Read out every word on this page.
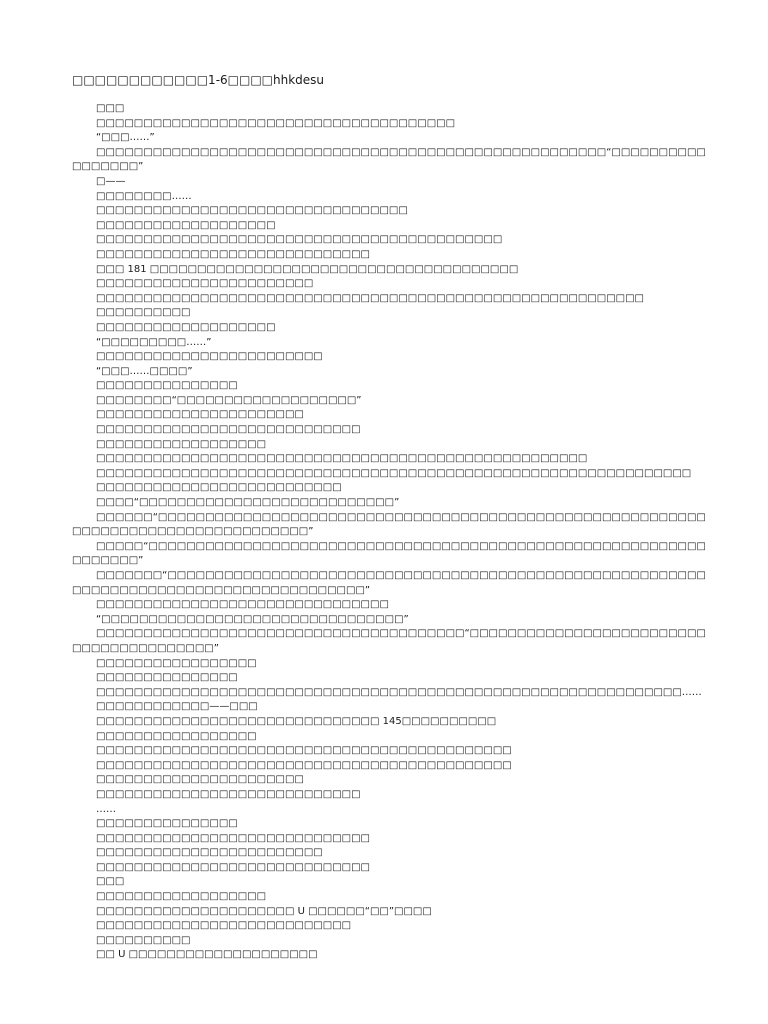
□□□□□□□□□□□□1-6□□□□hhkdesu

□□□

□□□□□□□□□□□□□□□□□□□□□□□□□□□□□□□□□□□□□□

“□□□……”

□□□□□□□□□□□□□□□□□□□□□□□□□□□□□□□□□□□□□□□□□□□□□□□□□□□□□□“□□□□□□□□□□□□□□□□□”

□——

□□□□□□□□……

□□□□□□□□□□□□□□□□□□□□□□□□□□□□□□□□□

□□□□□□□□□□□□□□□□□□□

□□□□□□□□□□□□□□□□□□□□□□□□□□□□□□□□□□□□□□□□□□□

□□□□□□□□□□□□□□□□□□□□□□□□□□□□□

□□□ 181 □□□□□□□□□□□□□□□□□□□□□□□□□□□□□□□□□□□□□□□

□□□□□□□□□□□□□□□□□□□□□□□

□□□□□□□□□□□□□□□□□□□□□□□□□□□□□□□□□□□□□□□□□□□□□□□□□□□□□□□□□□

□□□□□□□□□□

□□□□□□□□□□□□□□□□□□□

“□□□□□□□□□……”

□□□□□□□□□□□□□□□□□□□□□□□□

“□□□……□□□□”

□□□□□□□□□□□□□□□

□□□□□□□□“□□□□□□□□□□□□□□□□□□□”

□□□□□□□□□□□□□□□□□□□□□□

□□□□□□□□□□□□□□□□□□□□□□□□□□□□

□□□□□□□□□□□□□□□□□□

□□□□□□□□□□□□□□□□□□□□□□□□□□□□□□□□□□□□□□□□□□□□□□□□□□□□

□□□□□□□□□□□□□□□□□□□□□□□□□□□□□□□□□□□□□□□□□□□□□□□□□□□□□□□□□□□□□□□

□□□□□□□□□□□□□□□□□□□□□□□□□□

□□□□“□□□□□□□□□□□□□□□□□□□□□□□□□□□”

□□□□□□“□□□□□□□□□□□□□□□□□□□□□□□□□□□□□□□□□□□□□□□□□□□□□□□□□□□□□□□□□□□□□□□□□□□□□□□□□□□□□□□□□□□”

□□□□□“□□□□□□□□□□□□□□□□□□□□□□□□□□□□□□□□□□□□□□□□□□□□□□□□□□□□□□□□□□□□□□□□□□”

□□□□□□□“□□□□□□□□□□□□□□□□□□□□□□□□□□□□□□□□□□□□□□□□□□□□□□□□□□□□□□□□□□□□□□□□□□□□□□□□□□□□□□□□□□□□□□□□”

□□□□□□□□□□□□□□□□□□□□□□□□□□□□□□□

“□□□□□□□□□□□□□□□□□□□□□□□□□□□□□□□□”

□□□□□□□□□□□□□□□□□□□□□□□□□□□□□□□□□□□□□□□“□□□□□□□□□□□□□□□□□□□□□□□□□□□□□□□□□□□□□□□□”

□□□□□□□□□□□□□□□□□

□□□□□□□□□□□□□□□

□□□□□□□□□□□□□□□□□□□□□□□□□□□□□□□□□□□□□□□□□□□□□□□□□□□□□□□□□□□□□□……

□□□□□□□□□□□□——□□□

□□□□□□□□□□□□□□□□□□□□□□□□□□□□□□ 145□□□□□□□□□□

□□□□□□□□□□□□□□□□□

□□□□□□□□□□□□□□□□□□□□□□□□□□□□□□□□□□□□□□□□□□□□

□□□□□□□□□□□□□□□□□□□□□□□□□□□□□□□□□□□□□□□□□□□□

□□□□□□□□□□□□□□□□□□□□□□

□□□□□□□□□□□□□□□□□□□□□□□□□□□□

……

□□□□□□□□□□□□□□□

□□□□□□□□□□□□□□□□□□□□□□□□□□□□□

□□□□□□□□□□□□□□□□□□□□□□□□

□□□□□□□□□□□□□□□□□□□□□□□□□□□□□

□□□

□□□□□□□□□□□□□□□□□□

□□□□□□□□□□□□□□□□□□□□□ U □□□□□□“□□”□□□□

□□□□□□□□□□□□□□□□□□□□□□□□□□□

□□□□□□□□□□

□□ U □□□□□□□□□□□□□□□□□□□□
